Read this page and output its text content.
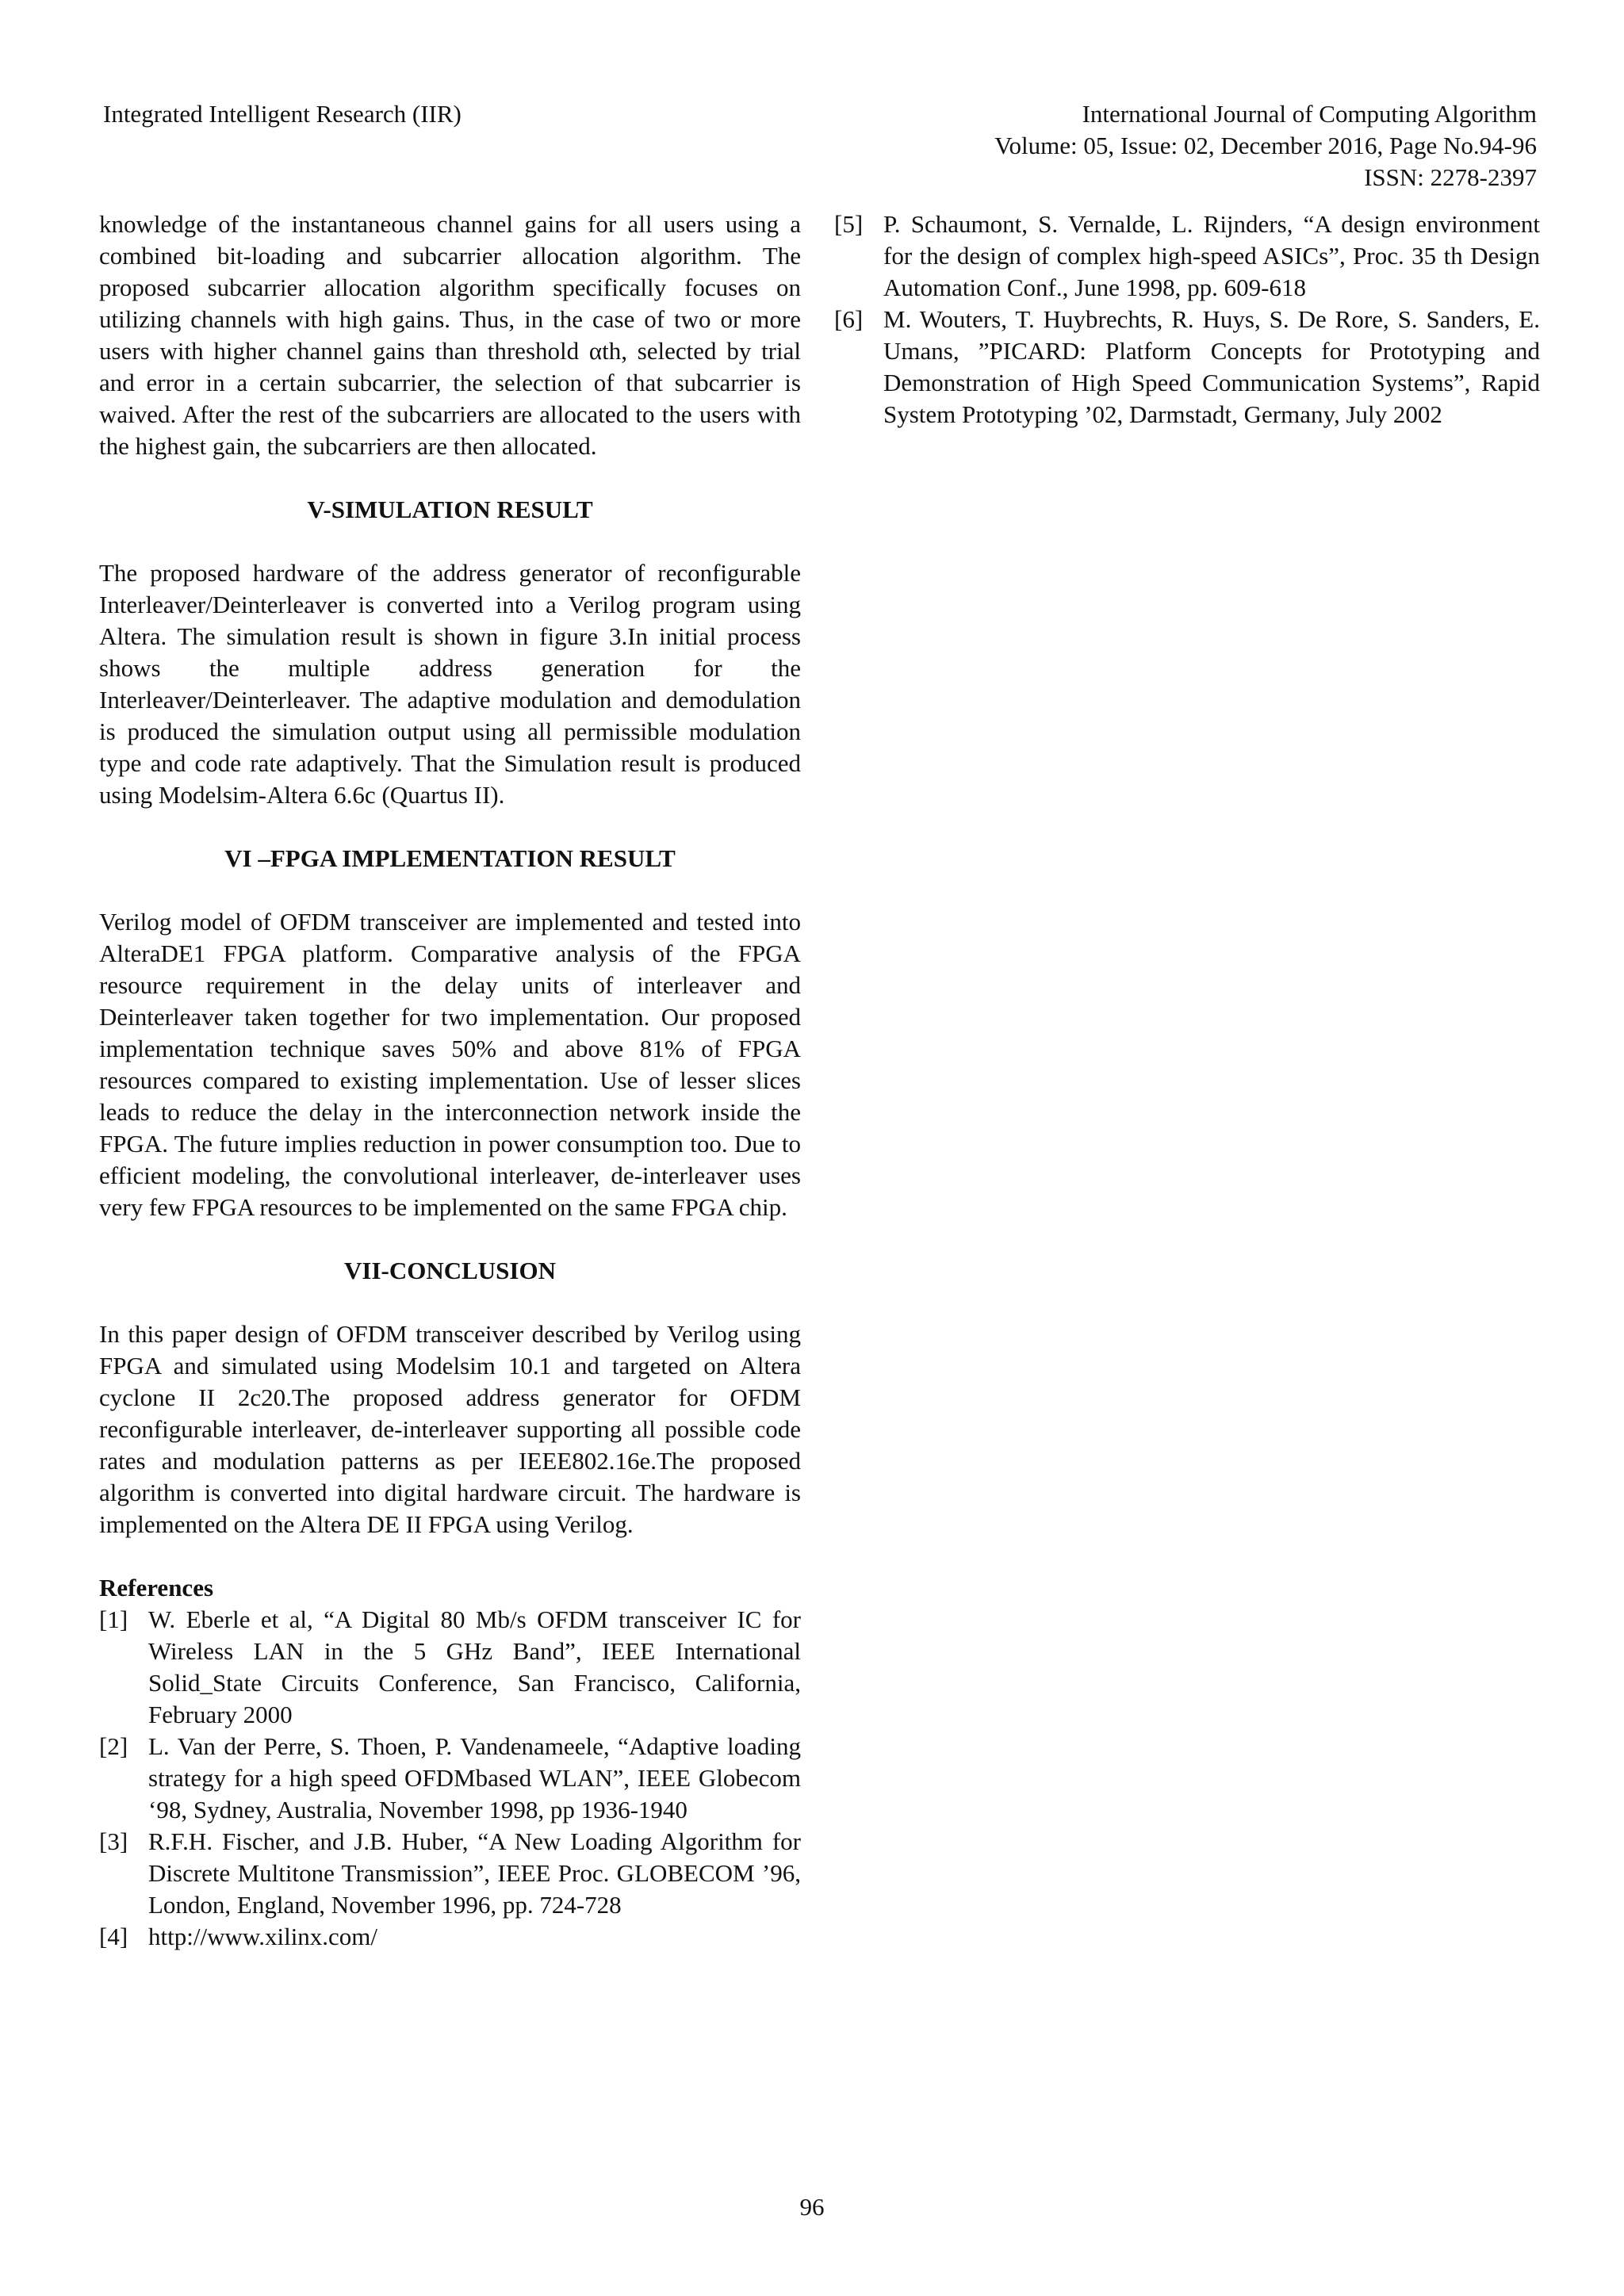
Integrated Intelligent Research (IIR)	International Journal of Computing Algorithm
Volume: 05, Issue: 02, December 2016, Page No.94-96
ISSN: 2278-2397

knowledge of the instantaneous channel gains for all users using a combined bit-loading and subcarrier allocation algorithm. The proposed subcarrier allocation algorithm specifically focuses on utilizing channels with high gains. Thus, in the case of two or more users with higher channel gains than threshold αth, selected by trial and error in a certain subcarrier, the selection of that subcarrier is waived. After the rest of the subcarriers are allocated to the users with the highest gain, the subcarriers are then allocated.

V-SIMULATION RESULT

The proposed hardware of the address generator of reconfigurable Interleaver/Deinterleaver is converted into a Verilog program using Altera. The simulation result is shown in figure 3.In initial process shows the multiple address generation for the Interleaver/Deinterleaver. The adaptive modulation and demodulation is produced the simulation output using all permissible modulation type and code rate adaptively. That the Simulation result is produced using Modelsim-Altera 6.6c (Quartus II).

VI –FPGA IMPLEMENTATION RESULT

Verilog model of OFDM transceiver are implemented and tested into AlteraDE1 FPGA platform. Comparative analysis of the FPGA resource requirement in the delay units of interleaver and Deinterleaver taken together for two implementation. Our proposed implementation technique saves 50% and above 81% of FPGA resources compared to existing implementation. Use of lesser slices leads to reduce the delay in the interconnection network inside the FPGA. The future implies reduction in power consumption too. Due to efficient modeling, the convolutional interleaver, de-interleaver uses very few FPGA resources to be implemented on the same FPGA chip.

VII-CONCLUSION

In this paper design of OFDM transceiver described by Verilog using FPGA and simulated using Modelsim 10.1 and targeted on Altera cyclone II 2c20.The proposed address generator for OFDM reconfigurable interleaver, de-interleaver supporting all possible code rates and modulation patterns as per IEEE802.16e.The proposed algorithm is converted into digital hardware circuit. The hardware is implemented on the Altera DE II FPGA using Verilog.

References
[1] W. Eberle et al, “A Digital 80 Mb/s OFDM transceiver IC for Wireless LAN in the 5 GHz Band”, IEEE International Solid_State Circuits Conference, San Francisco, California, February 2000
[2] L. Van der Perre, S. Thoen, P. Vandenameele, “Adaptive loading strategy for a high speed OFDMbased WLAN”, IEEE Globecom ‘98, Sydney, Australia, November 1998, pp 1936-1940
[3] R.F.H. Fischer, and J.B. Huber, “A New Loading Algorithm for Discrete Multitone Transmission”, IEEE Proc. GLOBECOM ’96, London, England, November 1996, pp. 724-728
[4] http://www.xilinx.com/
[5] P. Schaumont, S. Vernalde, L. Rijnders, “A design environment for the design of complex high-speed ASICs”, Proc. 35 th Design Automation Conf., June 1998, pp. 609-618
[6] M. Wouters, T. Huybrechts, R. Huys, S. De Rore, S. Sanders, E. Umans, ”PICARD: Platform Concepts for Prototyping and Demonstration of High Speed Communication Systems”, Rapid System Prototyping ’02, Darmstadt, Germany, July 2002
96
